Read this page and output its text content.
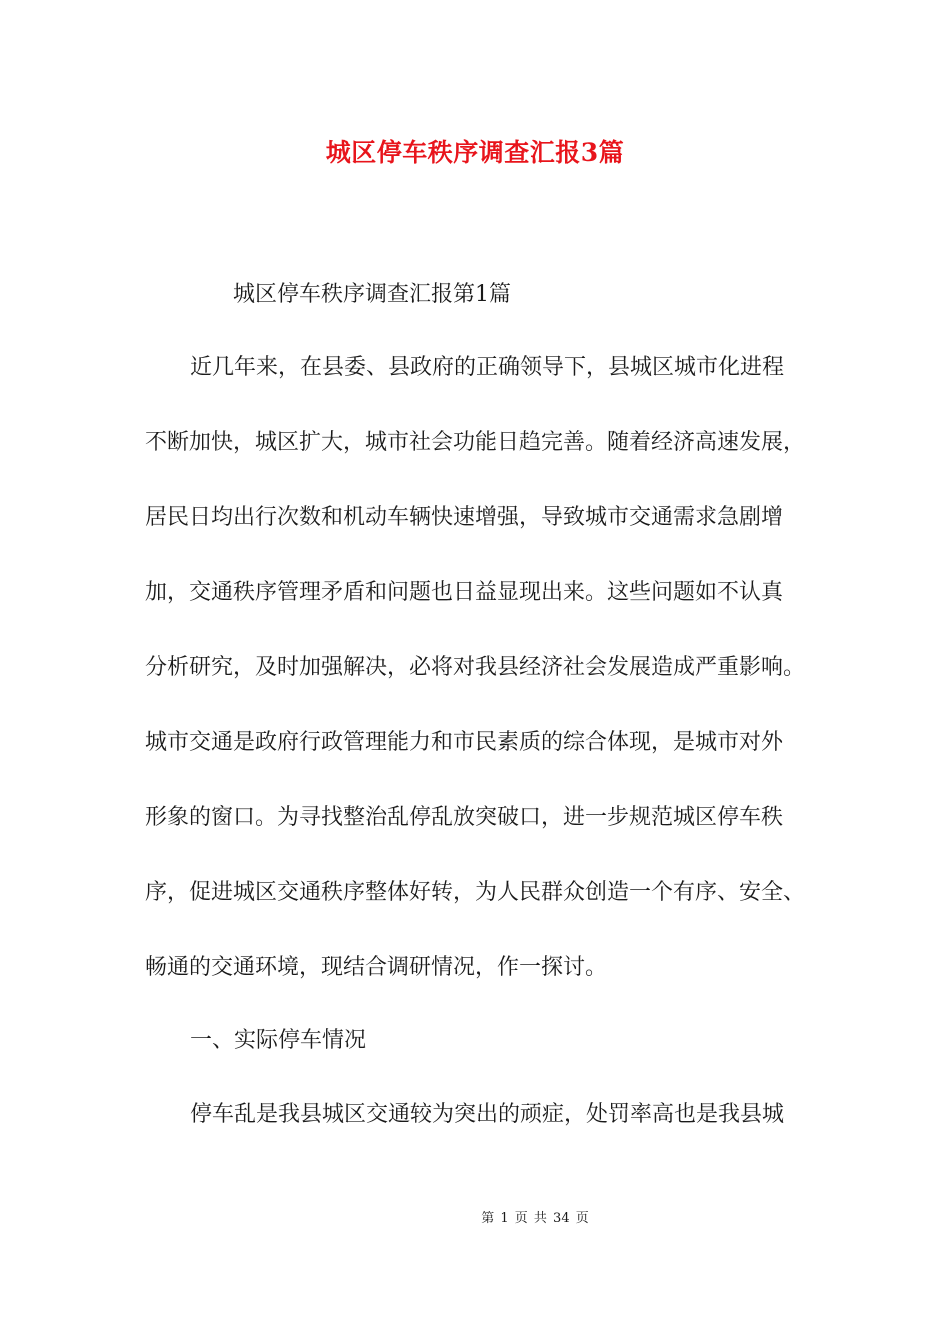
城区停车秩序调查汇报3篇
城区停车秩序调查汇报第1篇
近几年来，在县委、县政府的正确领导下，县城区城市化进程
不断加快，城区扩大，城市社会功能日趋完善。随着经济高速发展，
居民日均出行次数和机动车辆快速增强，导致城市交通需求急剧增
加，交通秩序管理矛盾和问题也日益显现出来。这些问题如不认真
分析研究，及时加强解决，必将对我县经济社会发展造成严重影响。
城市交通是政府行政管理能力和市民素质的综合体现，是城市对外
形象的窗口。为寻找整治乱停乱放突破口，进一步规范城区停车秩
序，促进城区交通秩序整体好转，为人民群众创造一个有序、安全、
畅通的交通环境，现结合调研情况，作一探讨。
一、实际停车情况
停车乱是我县城区交通较为突出的顽症，处罚率高也是我县城
第 1 页 共 34 页
